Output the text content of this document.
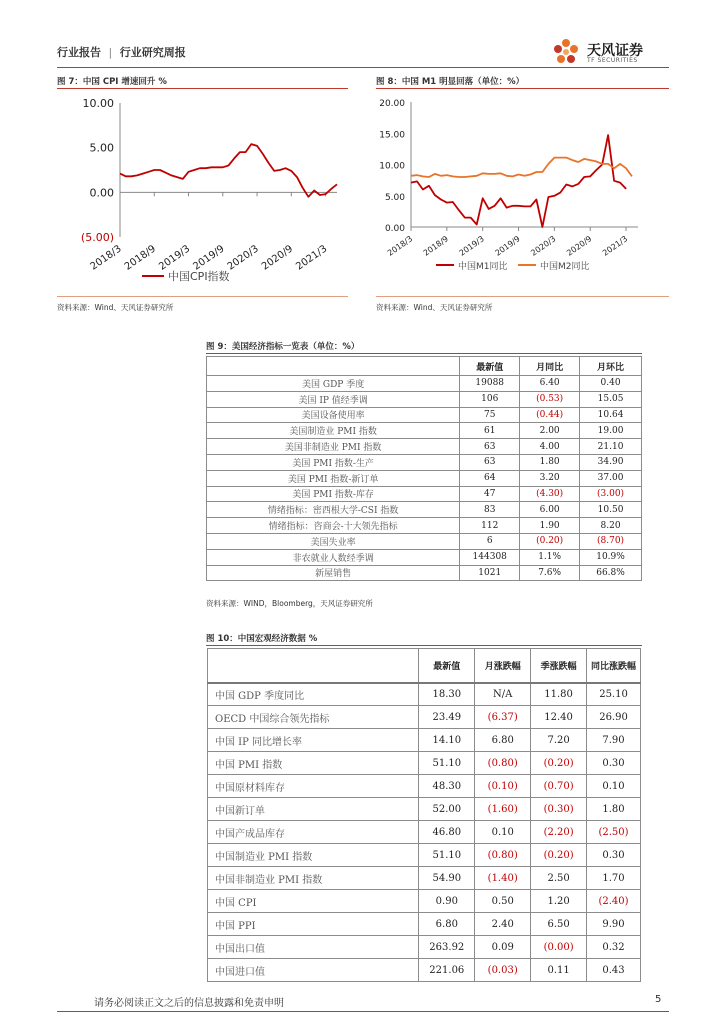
行业报告 | 行业研究周报	天风证券
TF SECURITIES
图 7：中国 CPI 增速回升 %
10.00
5.00
0.00
(5.00)
2018/3 2018/9 2019/3 2019/9 2020/3 2020/9 2021/3
中国CPI指数
资料来源：Wind、天风证券研究所
图 8：中国 M1 明显回落（单位：%）
20.00
15.00
10.00
5.00
0.00
2018/3 2018/9 2019/3 2019/9 2020/3 2020/9 2021/3
中国M1同比	中国M2同比
资料来源：Wind、天风证券研究所
图 9：美国经济指标一览表（单位：%）
	最新值	月同比	月环比
美国 GDP 季度	19088	6.40	0.40
美国 IP 值经季调	106	(0.53)	15.05
美国设备使用率	75	(0.44)	10.64
美国制造业 PMI 指数	61	2.00	19.00
美国非制造业 PMI 指数	63	4.00	21.10
美国 PMI 指数-生产	63	1.80	34.90
美国 PMI 指数-新订单	64	3.20	37.00
美国 PMI 指数-库存	47	(4.30)	(3.00)
情绪指标：密西根大学-CSI 指数	83	6.00	10.50
情绪指标：咨商会-十大领先指标	112	1.90	8.20
美国失业率	6	(0.20)	(8.70)
非农就业人数经季调	144308	1.1%	10.9%
新屋销售	1021	7.6%	66.8%
资料来源：WIND，Bloomberg，天风证券研究所
图 10：中国宏观经济数据 %
	最新值	月涨跌幅	季涨跌幅	同比涨跌幅
中国 GDP 季度同比	18.30	N/A	11.80	25.10
OECD 中国综合领先指标	23.49	(6.37)	12.40	26.90
中国 IP 同比增长率	14.10	6.80	7.20	7.90
中国 PMI 指数	51.10	(0.80)	(0.20)	0.30
中国原材料库存	48.30	(0.10)	(0.70)	0.10
中国新订单	52.00	(1.60)	(0.30)	1.80
中国产成品库存	46.80	0.10	(2.20)	(2.50)
中国制造业 PMI 指数	51.10	(0.80)	(0.20)	0.30
中国非制造业 PMI 指数	54.90	(1.40)	2.50	1.70
中国 CPI	0.90	0.50	1.20	(2.40)
中国 PPI	6.80	2.40	6.50	9.90
中国出口值	263.92	0.09	(0.00)	0.32
中国进口值	221.06	(0.03)	0.11	0.43
请务必阅读正文之后的信息披露和免责申明	5
